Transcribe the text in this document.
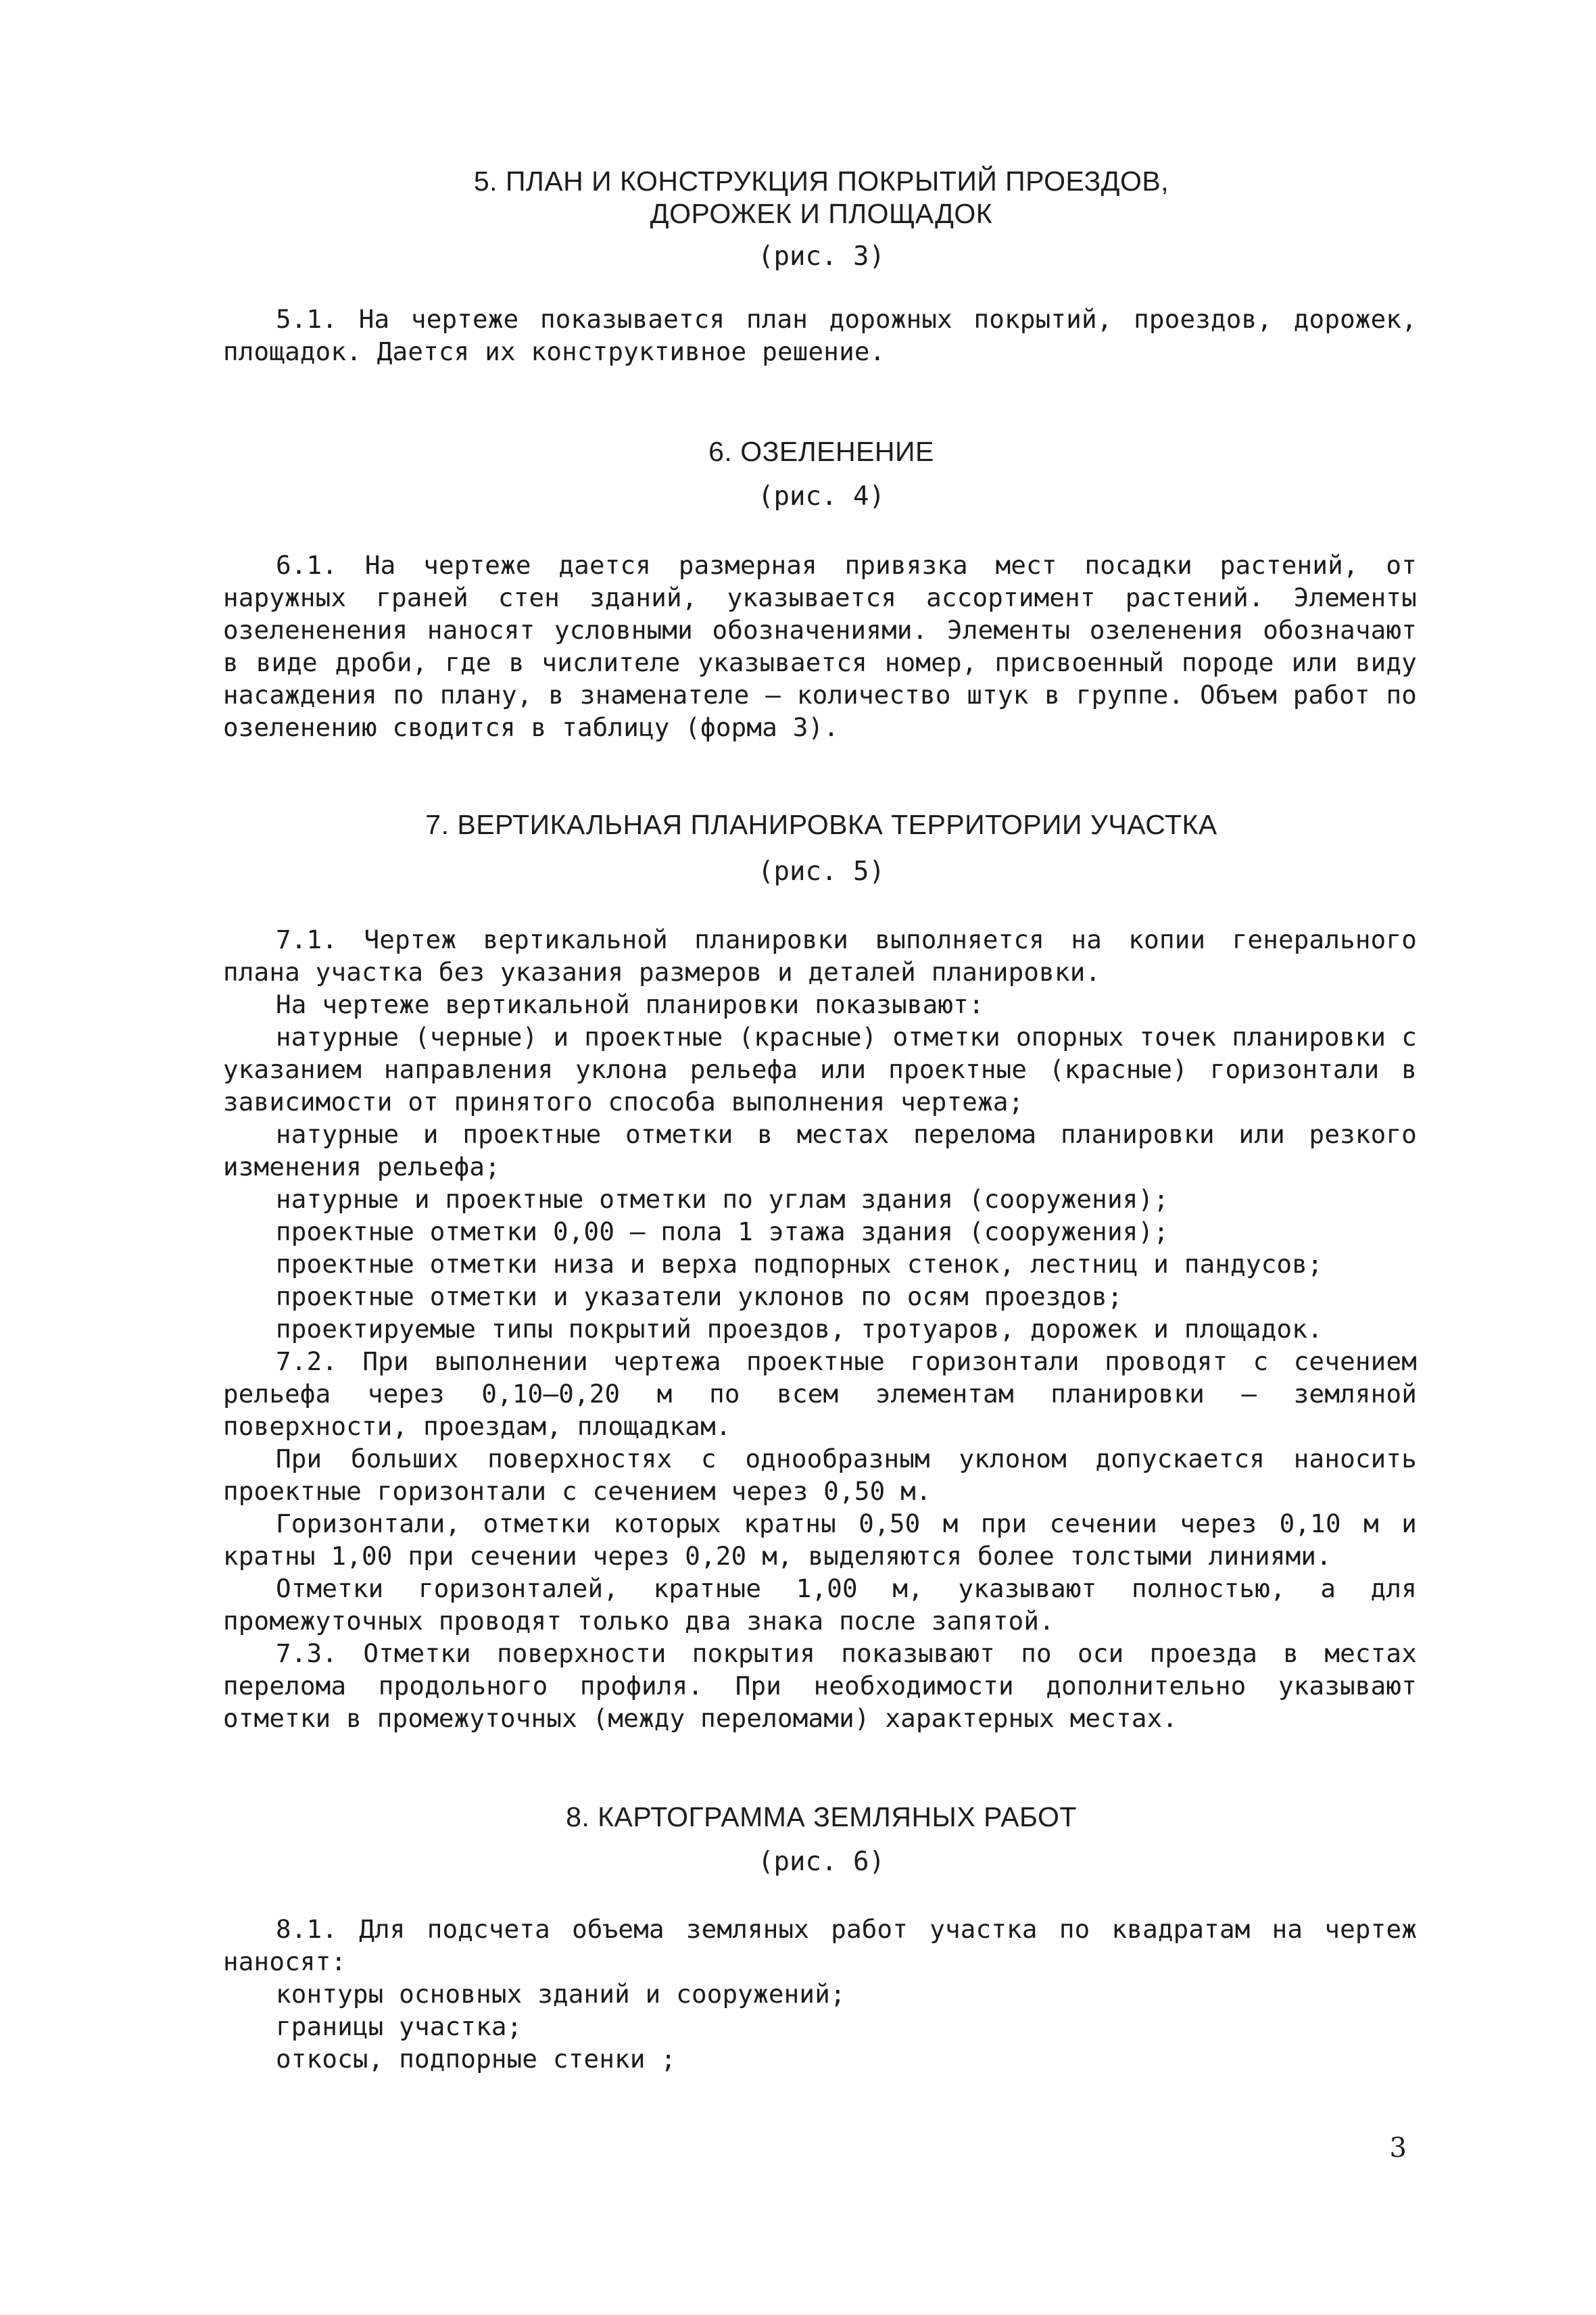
5. ПЛАН И КОНСТРУКЦИЯ ПОКРЫТИЙ ПРОЕЗДОВ,
ДОРОЖЕК И ПЛОЩАДОК
(рис. 3)
5.1. На чертеже показывается план дорожных покрытий, проездов, дорожек, площадок. Дается их конструктивное решение.
6. ОЗЕЛЕНЕНИЕ
(рис. 4)
6.1. На чертеже дается размерная привязка мест посадки растений, от наружных граней стен зданий, указывается ассортимент растений. Элементы озелененения наносят условными обозначениями. Элементы озеленения обозначают в виде дроби, где в числителе указывается номер, присвоенный породе или виду насаждения по плану, в знаменателе – количество штук в группе. Объем работ по озеленению сводится в таблицу (форма 3).
7. ВЕРТИКАЛЬНАЯ ПЛАНИРОВКА ТЕРРИТОРИИ УЧАСТКА
(рис. 5)
7.1. Чертеж вертикальной планировки выполняется на копии генерального плана участка без указания размеров и деталей планировки.
На чертеже вертикальной планировки показывают:
натурные (черные) и проектные (красные) отметки опорных точек планировки с указанием направления уклона рельефа или проектные (красные) горизонтали в зависимости от принятого способа выполнения чертежа;
натурные и проектные отметки в местах перелома планировки или резкого изменения рельефа;
натурные и проектные отметки по углам здания (сооружения);
проектные отметки 0,00 – пола 1 этажа здания (сооружения);
проектные отметки низа и верха подпорных стенок, лестниц и пандусов;
проектные отметки и указатели уклонов по осям проездов;
проектируемые типы покрытий проездов, тротуаров, дорожек и площадок.
7.2. При выполнении чертежа проектные горизонтали проводят с сечением рельефа через 0,10–0,20 м по всем элементам планировки – земляной поверхности, проездам, площадкам.
При больших поверхностях с однообразным уклоном допускается наносить проектные горизонтали с сечением через 0,50 м.
Горизонтали, отметки которых кратны 0,50 м при сечении через 0,10 м и кратны 1,00 при сечении через 0,20 м, выделяются более толстыми линиями.
Отметки горизонталей, кратные 1,00 м, указывают полностью, а для промежуточных проводят только два знака после запятой.
7.3. Отметки поверхности покрытия показывают по оси проезда в местах перелома продольного профиля. При необходимости дополнительно указывают отметки в промежуточных (между переломами) характерных местах.
8. КАРТОГРАММА ЗЕМЛЯНЫХ РАБОТ
(рис. 6)
8.1. Для подсчета объема земляных работ участка по квадратам на чертеж наносят:
контуры основных зданий и сооружений;
границы участка;
откосы, подпорные стенки ;
3
